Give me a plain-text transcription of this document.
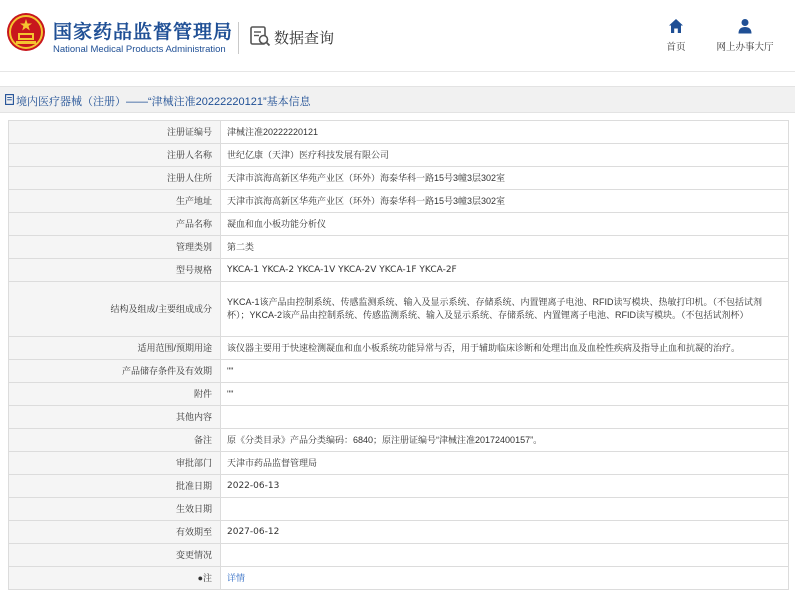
国家药品监督管理局
National Medical Products Administration
数据查询
首页	网上办事大厅
境内医疗器械（注册）——“津械注准20222220121”基本信息
注册证编号	津械注准20222220121
注册人名称	世纪亿康（天津）医疗科技发展有限公司
注册人住所	天津市滨海高新区华苑产业区（环外）海泰华科一路15号3幢3层302室
生产地址	天津市滨海高新区华苑产业区（环外）海泰华科一路15号3幢3层302室
产品名称	凝血和血小板功能分析仪
管理类别	第二类
型号规格	YKCA-1 YKCA-2 YKCA-1V YKCA-2V YKCA-1F YKCA-2F
结构及组成/主要组成成分	YKCA-1该产品由控制系统、传感监测系统、输入及显示系统、存储系统、内置锂离子电池、RFID读写模块、热敏打印机。（不包括试剂杯）；YKCA-2该产品由控制系统、传感监测系统、输入及显示系统、存储系统、内置锂离子电池、RFID读写模块。（不包括试剂杯）
适用范围/预期用途	该仪器主要用于快速检测凝血和血小板系统功能异常与否，用于辅助临床诊断和处理出血及血栓性疾病及指导止血和抗凝的治疗。
产品储存条件及有效期	""
附件	""
其他内容	
备注	原《分类目录》产品分类编码：6840；原注册证编号“津械注准20172400157”。
审批部门	天津市药品监督管理局
批准日期	2022-06-13
生效日期	
有效期至	2027-06-12
变更情况	
●注	详情
